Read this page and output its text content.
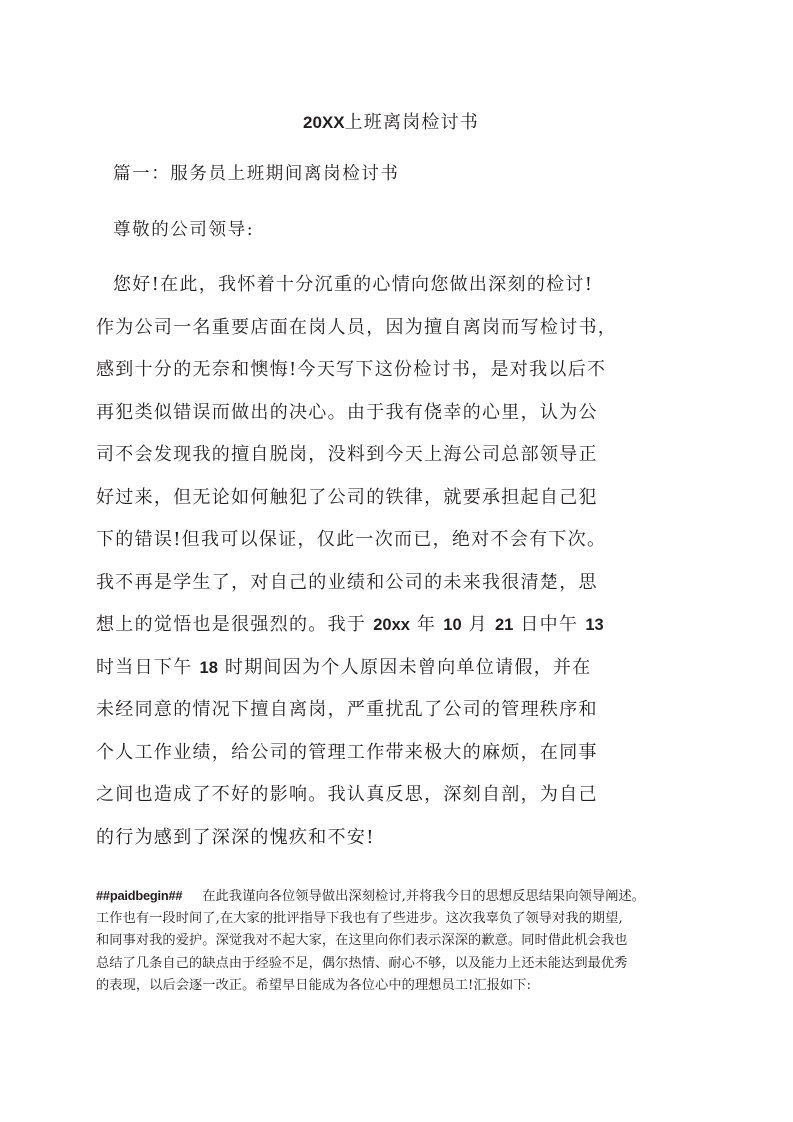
20XX上班离岗检讨书

篇一：服务员上班期间离岗检讨书

尊敬的公司领导:

您好!在此，我怀着十分沉重的心情向您做出深刻的检讨!
作为公司一名重要店面在岗人员，因为擅自离岗而写检讨书，
感到十分的无奈和懊悔!今天写下这份检讨书，是对我以后不
再犯类似错误而做出的决心。由于我有侥幸的心里，认为公
司不会发现我的擅自脱岗，没料到今天上海公司总部领导正
好过来，但无论如何触犯了公司的铁律，就要承担起自己犯
下的错误!但我可以保证，仅此一次而已，绝对不会有下次。
我不再是学生了，对自己的业绩和公司的未来我很清楚，思
想上的觉悟也是很强烈的。我于 20xx 年 10 月 21 日中午 13
时当日下午 18 时期间因为个人原因未曾向单位请假，并在
未经同意的情况下擅自离岗，严重扰乱了公司的管理秩序和
个人工作业绩，给公司的管理工作带来极大的麻烦，在同事
之间也造成了不好的影响。我认真反思，深刻自剖，为自己
的行为感到了深深的愧疚和不安!
##paidbegin##   在此我谨向各位领导做出深刻检讨,并将我今日的思想反思结果向领导阐述。
工作也有一段时间了,在大家的批评指导下我也有了些进步。这次我辜负了领导对我的期望,
和同事对我的爱护。深觉我对不起大家，在这里向你们表示深深的歉意。同时借此机会我也
总结了几条自己的缺点由于经验不足，偶尔热情、耐心不够，以及能力上还未能达到最优秀
的表现，以后会逐一改正。希望早日能成为各位心中的理想员工!汇报如下:
